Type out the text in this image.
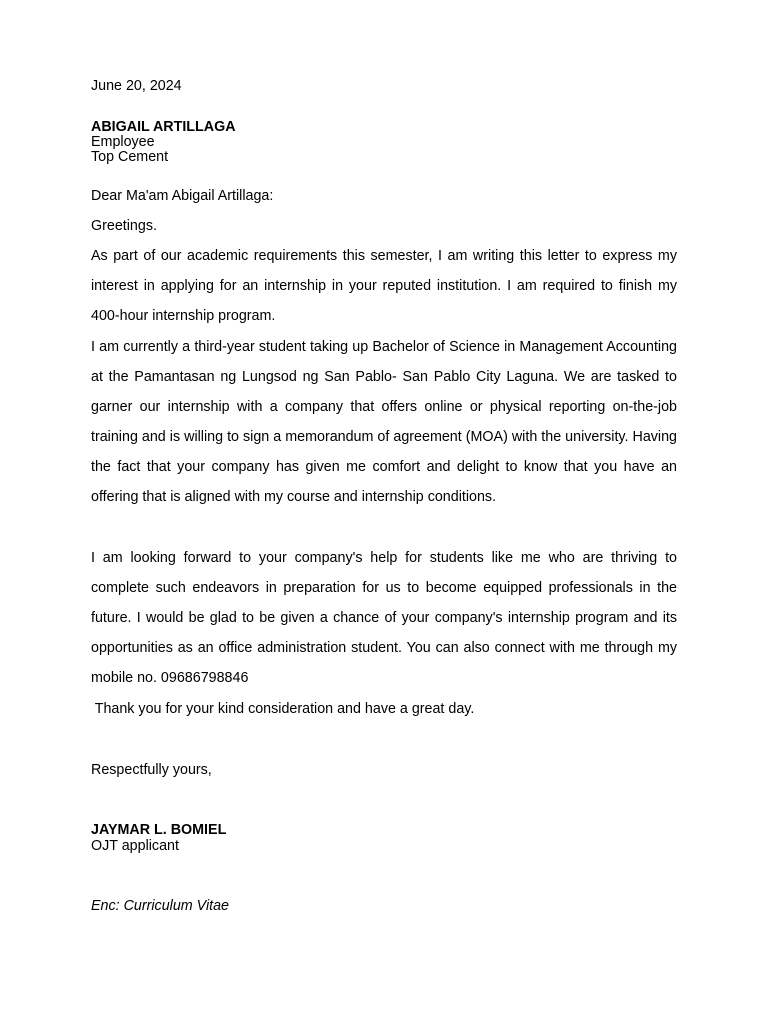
June 20, 2024
ABIGAIL ARTILLAGA
Employee
Top Cement
Dear Ma'am Abigail Artillaga:
Greetings.

As part of our academic requirements this semester, I am writing this letter to express my interest in applying for an internship in your reputed institution. I am required to finish my 400-hour internship program.

I am currently a third-year student taking up Bachelor of Science in Management Accounting at the Pamantasan ng Lungsod ng San Pablo- San Pablo City Laguna. We are tasked to garner our internship with a company that offers online or physical reporting on-the-job training and is willing to sign a memorandum of agreement (MOA) with the university. Having the fact that your company has given me comfort and delight to know that you have an offering that is aligned with my course and internship conditions.

I am looking forward to your company's help for students like me who are thriving to complete such endeavors in preparation for us to become equipped professionals in the future. I would be glad to be given a chance of your company's internship program and its opportunities as an office administration student. You can also connect with me through my mobile no. 09686798846

Thank you for your kind consideration and have a great day.
Respectfully yours,
JAYMAR L. BOMIEL
OJT applicant
Enc: Curriculum Vitae
